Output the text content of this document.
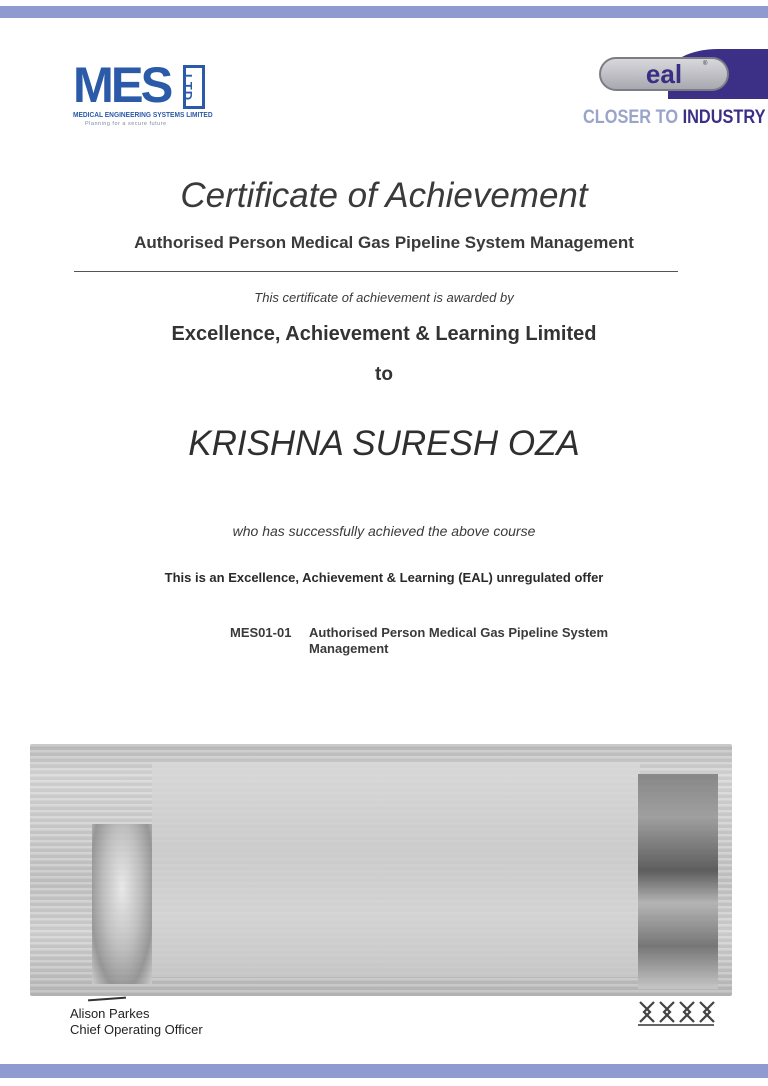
MES LTD
MEDICAL ENGINEERING SYSTEMS LIMITED
Planning for a secure future
eal	®
CLOSER TO INDUSTRY
Certificate of Achievement
Authorised Person Medical Gas Pipeline System Management
This certificate of achievement is awarded by
Excellence, Achievement & Learning Limited
to
KRISHNA SURESH OZA
who has successfully achieved the above course
This is an Excellence, Achievement & Learning (EAL) unregulated offer
MES01-01 Authorised Person Medical Gas Pipeline System Management
Alison Parkes
Chief Operating Officer
